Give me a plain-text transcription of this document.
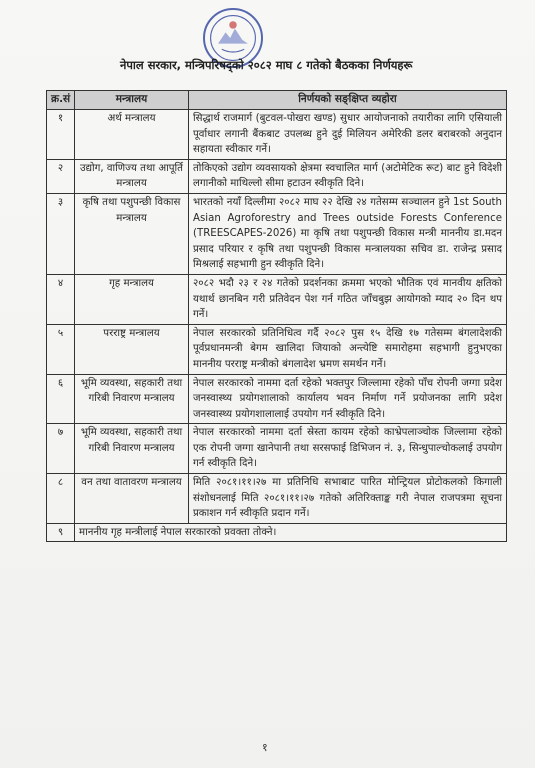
नेपाल सरकार, मन्त्रिपरिषद्‌को २०८२ माघ ८ गतेको बैठकका निर्णयहरू
क्र.सं	मन्त्रालय	निर्णयको सङ्क्षिप्त व्यहोरा
१	अर्थ मन्त्रालय	सिद्धार्थ राजमार्ग (बुटवल-पोखरा खण्ड) सुधार आयोजनाको तयारीका लागि एसियाली पूर्वाधार लगानी बैंकबाट उपलब्ध हुने दुई मिलियन अमेरिकी डलर बराबरको अनुदान सहायता स्वीकार गर्ने।
२	उद्योग, वाणिज्य तथा आपूर्ति मन्त्रालय	तोकिएको उद्योग व्यवसायको क्षेत्रमा स्वचालित मार्ग (अटोमेटिक रूट) बाट हुने विदेशी लगानीको माथिल्लो सीमा हटाउन स्वीकृति दिने।
३	कृषि तथा पशुपन्छी विकास मन्त्रालय	भारतको नयाँ दिल्लीमा २०८२ माघ २२ देखि २४ गतेसम्म सञ्चालन हुने 1st South Asian Agroforestry and Trees outside Forests Conference (TREESCAPES-2026) मा कृषि तथा पशुपन्छी विकास मन्त्री माननीय डा.मदन प्रसाद परियार र कृषि तथा पशुपन्छी विकास मन्त्रालयका सचिव डा. राजेन्द्र प्रसाद मिश्रलाई सहभागी हुन स्वीकृति दिने।
४	गृह मन्त्रालय	२०८२ भदौ २३ र २४ गतेको प्रदर्शनका क्रममा भएको भौतिक एवं मानवीय क्षतिको यथार्थ छानबिन गरी प्रतिवेदन पेश गर्न गठित जाँचबुझ आयोगको म्याद २० दिन थप गर्ने।
५	परराष्ट्र मन्त्रालय	नेपाल सरकारको प्रतिनिधित्व गर्दै २०८२ पुस १५ देखि १७ गतेसम्म बंगलादेशकी पूर्वप्रधानमन्त्री बेगम खालिदा जियाको अन्त्येष्टि समारोहमा सहभागी हुनुभएका माननीय परराष्ट्र मन्त्रीको बंगलादेश भ्रमण समर्थन गर्ने।
६	भूमि व्यवस्था, सहकारी तथा गरिबी निवारण मन्त्रालय	नेपाल सरकारको नाममा दर्ता रहेको भक्तपुर जिल्लामा रहेको पाँच रोपनी जग्गा प्रदेश जनस्वास्थ्य प्रयोगशालाको कार्यालय भवन निर्माण गर्ने प्रयोजनका लागि प्रदेश जनस्वास्थ्य प्रयोगशालालाई उपयोग गर्न स्वीकृति दिने।
७	भूमि व्यवस्था, सहकारी तथा गरिबी निवारण मन्त्रालय	नेपाल सरकारको नाममा दर्ता स्रेस्ता कायम रहेको काभ्रेपलाञ्चोक जिल्लामा रहेको एक रोपनी जग्गा खानेपानी तथा सरसफाई डिभिजन नं. ३, सिन्धुपाल्चोकलाई उपयोग गर्न स्वीकृति दिने।
८	वन तथा वातावरण मन्त्रालय	मिति २०८१।११।२७ मा प्रतिनिधि सभाबाट पारित मोन्ट्रियल प्रोटोकलको किगाली संशोधनलाई मिति २०८१।११।२७ गतेको अतिरिक्ताङ्क गरी नेपाल राजपत्रमा सूचना प्रकाशन गर्न स्वीकृति प्रदान गर्ने।
९	माननीय गृह मन्त्रीलाई नेपाल सरकारको प्रवक्ता तोक्ने।	
१
